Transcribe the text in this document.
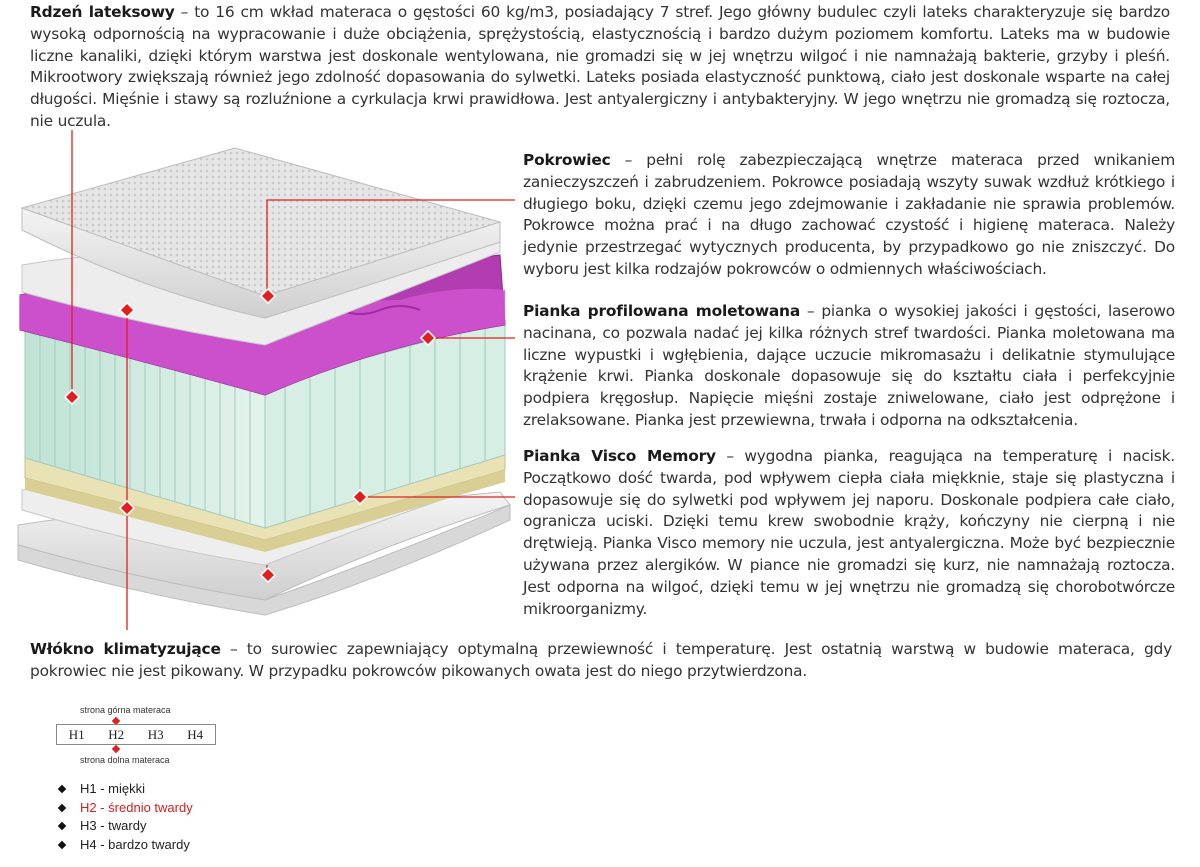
Rdzeń lateksowy – to 16 cm wkład materaca o gęstości 60 kg/m3, posiadający 7 stref. Jego główny budulec czyli lateks charakteryzuje się bardzo wysoką odpornością na wypracowanie i duże obciążenia, sprężystością, elastycznością i bardzo dużym poziomem komfortu. Lateks ma w budowie liczne kanaliki, dzięki którym warstwa jest doskonale wentylowana, nie gromadzi się w jej wnętrzu wilgoć i nie namnażają bakterie, grzyby i pleśń. Mikrootwory zwiększają również jego zdolność dopasowania do sylwetki. Lateks posiada elastyczność punktową, ciało jest doskonale wsparte na całej długości. Mięśnie i stawy są rozluźnione a cyrkulacja krwi prawidłowa. Jest antyalergiczny i antybakteryjny. W jego wnętrzu nie gromadzą się roztocza, nie uczula.

Pokrowiec – pełni rolę zabezpieczającą wnętrze materaca przed wnikaniem zanieczyszczeń i zabrudzeniem. Pokrowce posiadają wszyty suwak wzdłuż krótkiego i długiego boku, dzięki czemu jego zdejmowanie i zakładanie nie sprawia problemów. Pokrowce można prać i na długo zachować czystość i higienę materaca. Należy jedynie przestrzegać wytycznych producenta, by przypadkowo go nie zniszczyć. Do wyboru jest kilka rodzajów pokrowców o odmiennych właściwościach.

Pianka profilowana moletowana – pianka o wysokiej jakości i gęstości, laserowo nacinana, co pozwala nadać jej kilka różnych stref twardości. Pianka moletowana ma liczne wypustki i wgłębienia, dające uczucie mikromasażu i delikatnie stymulujące krążenie krwi. Pianka doskonale dopasowuje się do kształtu ciała i perfekcyjnie podpiera kręgosłup. Napięcie mięśni zostaje zniwelowane, ciało jest odprężone i zrelaksowane. Pianka jest przewiewna, trwała i odporna na odkształcenia.

Pianka Visco Memory – wygodna pianka, reagująca na temperaturę i nacisk. Początkowo dość twarda, pod wpływem ciepła ciała miękknie, staje się plastyczna i dopasowuje się do sylwetki pod wpływem jej naporu. Doskonale podpiera całe ciało, ogranicza uciski. Dzięki temu krew swobodnie krąży, kończyny nie cierpną i nie drętwieją. Pianka Visco memory nie uczula, jest antyalergiczna. Może być bezpiecznie używana przez alergików. W piance nie gromadzi się kurz, nie namnażają roztocza. Jest odporna na wilgoć, dzięki temu w jej wnętrzu nie gromadzą się chorobotwórcze mikroorganizmy.

Włókno klimatyzujące – to surowiec zapewniający optymalną przewiewność i temperaturę. Jest ostatnią warstwą w budowie materaca, gdy pokrowiec nie jest pikowany. W przypadku pokrowców pikowanych owata jest do niego przytwierdzona.

strona górna materaca
H1	H2	H3	H4
strona dolna materaca
H1 - miękki
H2 - średnio twardy
H3 - twardy
H4 - bardzo twardy
